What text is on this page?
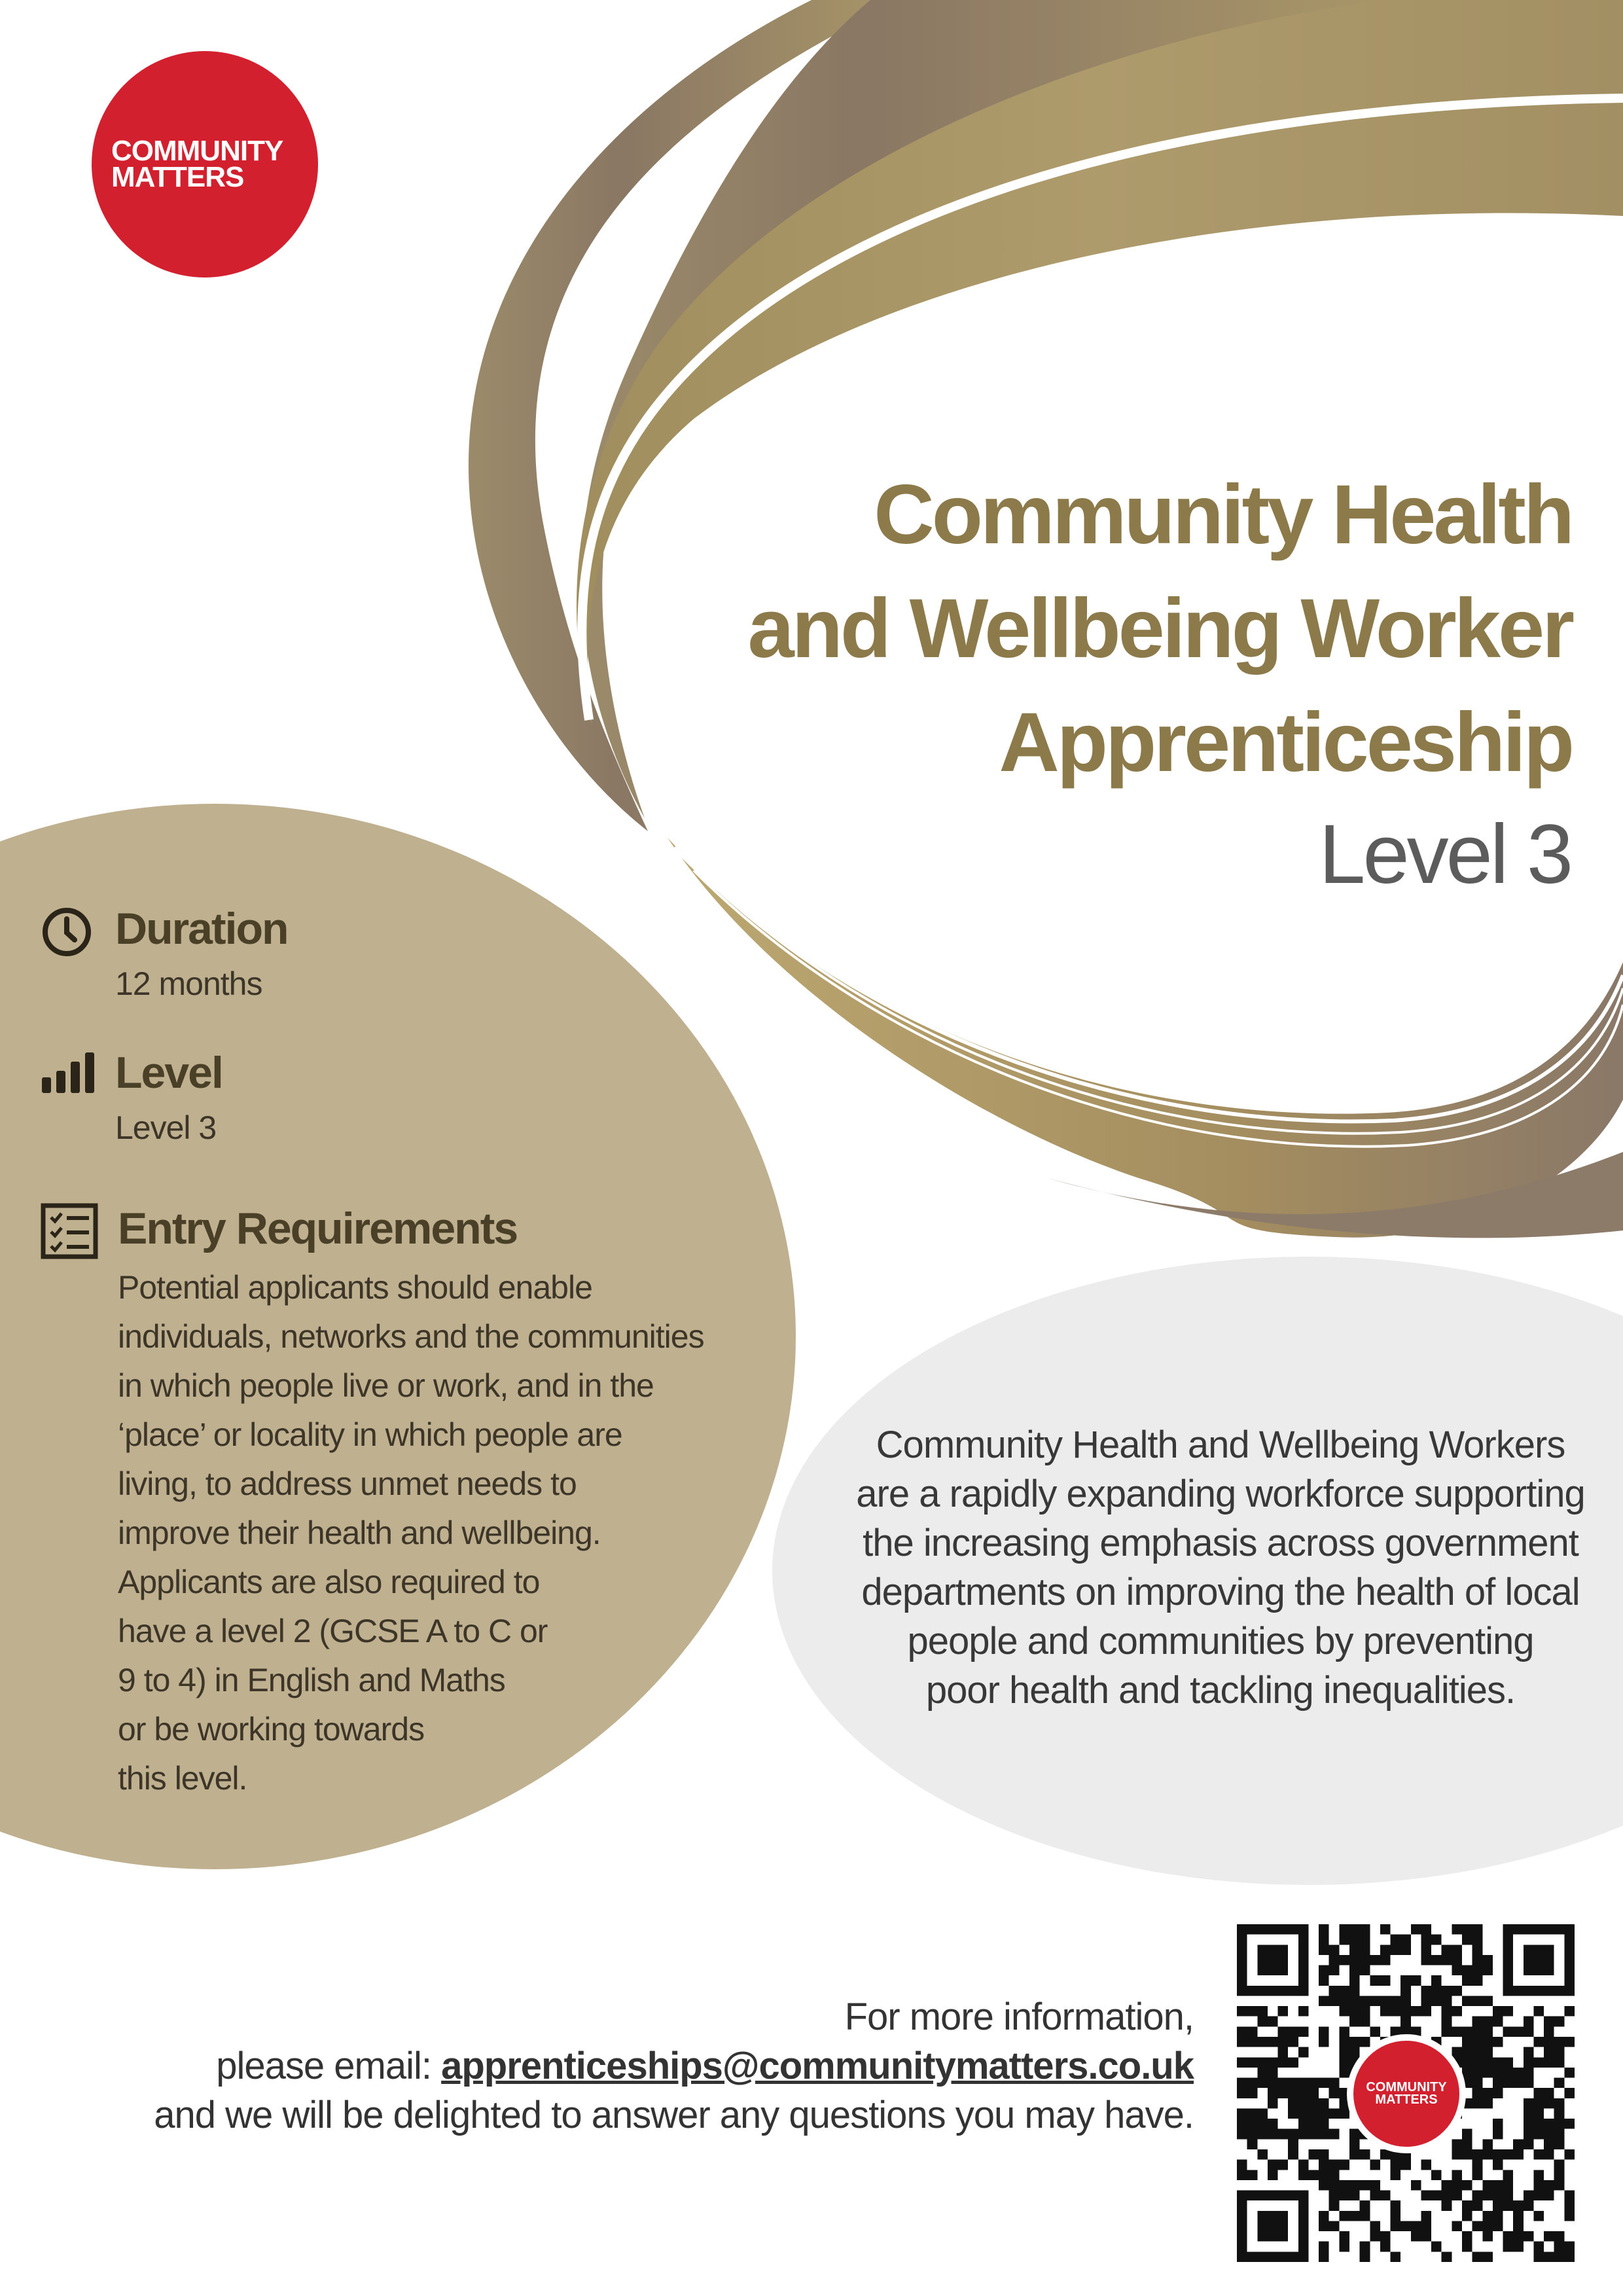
COMMUNITY
MATTERS
Community Health
and Wellbeing Worker
Apprenticeship
Level 3
Duration
12 months
Level
Level 3
Entry Requirements
Potential applicants should enable
individuals, networks and the communities
in which people live or work, and in the
‘place’ or locality in which people are
living, to address unmet needs to
improve their health and wellbeing.
Applicants are also required to
have a level 2 (GCSE A to C or
9 to 4) in English and Maths
or be working towards
this level.
Community Health and Wellbeing Workers
are a rapidly expanding workforce supporting
the increasing emphasis across government
departments on improving the health of local
people and communities by preventing
poor health and tackling inequalities.
For more information,
please email: apprenticeships@communitymatters.co.uk
and we will be delighted to answer any questions you may have.
COMMUNITY
MATTERS
